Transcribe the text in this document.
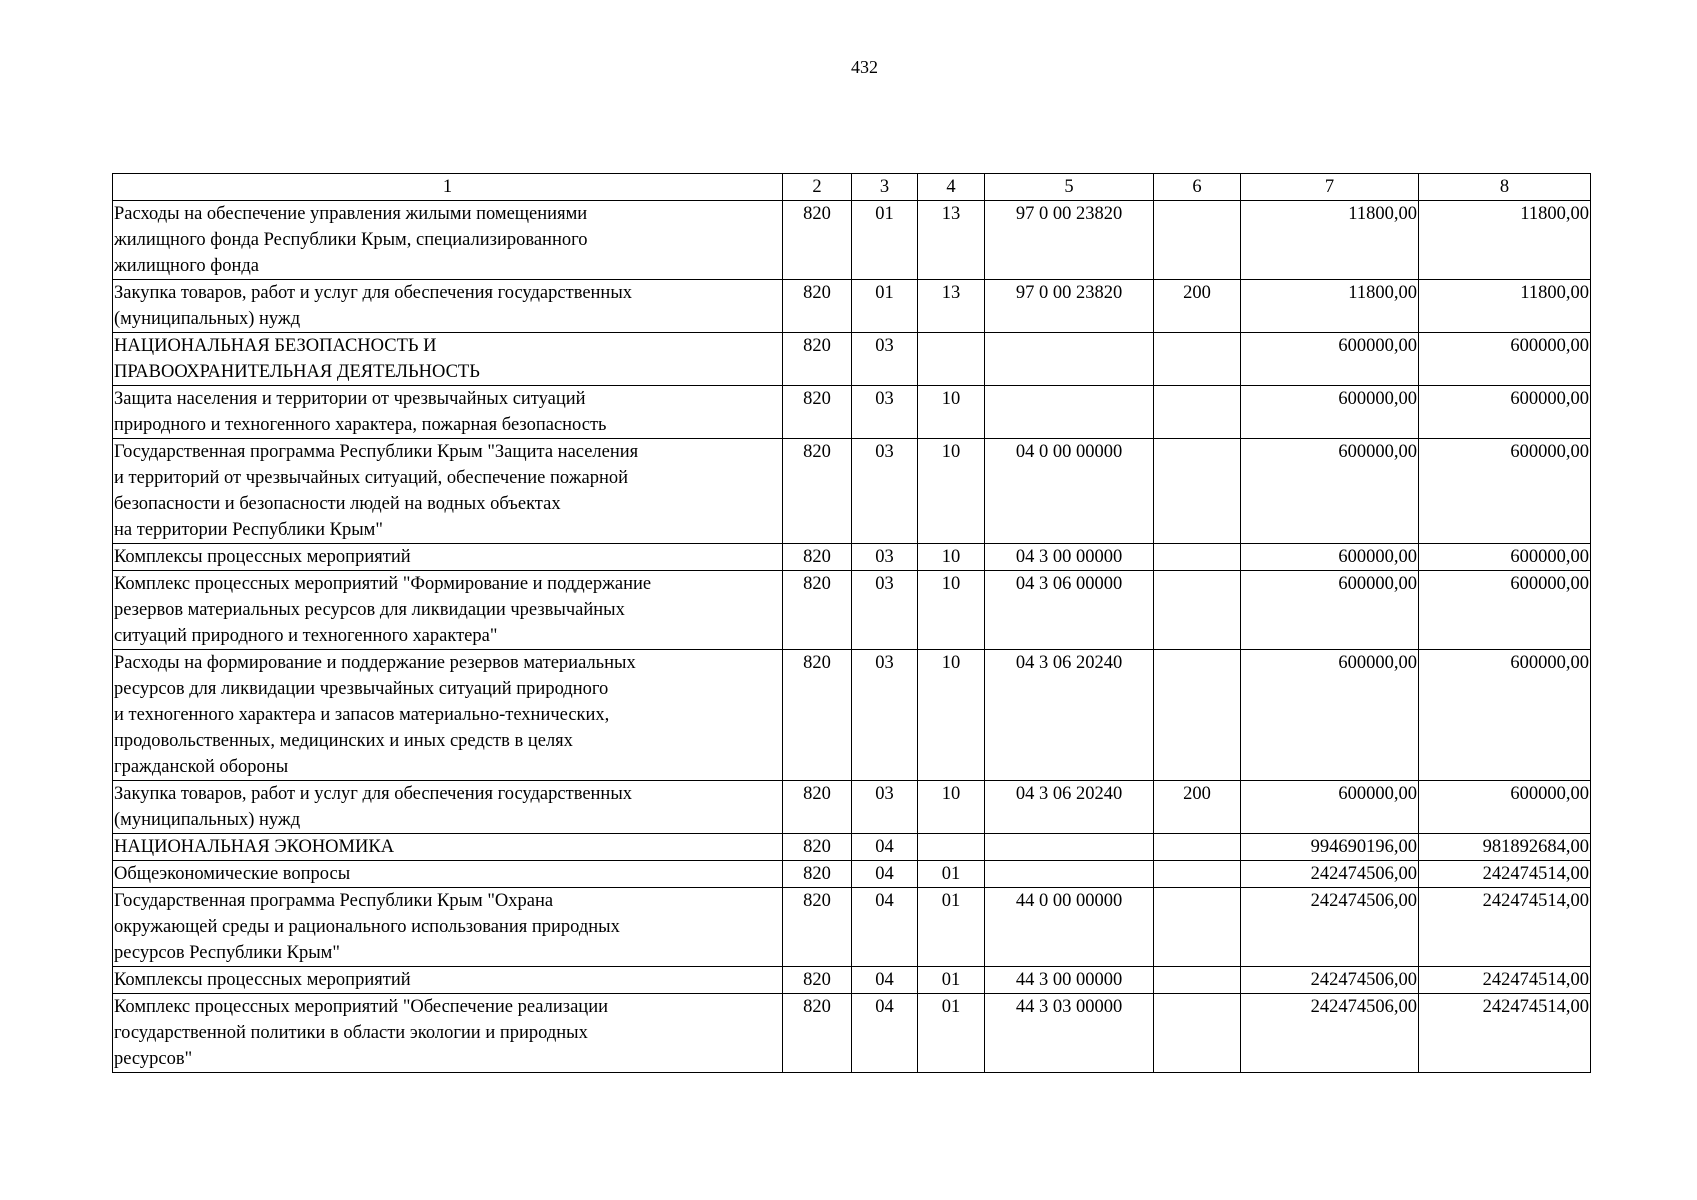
432
1	2	3	4	5	6	7	8
Расходы на обеспечение управления жилыми помещениями
жилищного фонда Республики Крым, специализированного
жилищного фонда	820	01	13	97 0 00 23820		11800,00	11800,00
Закупка товаров, работ и услуг для обеспечения государственных
(муниципальных) нужд	820	01	13	97 0 00 23820	200	11800,00	11800,00
НАЦИОНАЛЬНАЯ БЕЗОПАСНОСТЬ И
ПРАВООХРАНИТЕЛЬНАЯ ДЕЯТЕЛЬНОСТЬ	820	03				600000,00	600000,00
Защита населения и территории от чрезвычайных ситуаций
природного и техногенного характера, пожарная безопасность	820	03	10			600000,00	600000,00
Государственная программа Республики Крым "Защита населения
и территорий от чрезвычайных ситуаций, обеспечение пожарной
безопасности и безопасности людей на водных объектах
на территории Республики Крым"	820	03	10	04 0 00 00000		600000,00	600000,00
Комплексы процессных мероприятий	820	03	10	04 3 00 00000		600000,00	600000,00
Комплекс процессных мероприятий "Формирование и поддержание
резервов материальных ресурсов для ликвидации чрезвычайных
ситуаций природного и техногенного характера"	820	03	10	04 3 06 00000		600000,00	600000,00
Расходы на формирование и поддержание резервов материальных
ресурсов для ликвидации чрезвычайных ситуаций природного
и техногенного характера и запасов материально-технических,
продовольственных, медицинских и иных средств в целях
гражданской обороны	820	03	10	04 3 06 20240		600000,00	600000,00
Закупка товаров, работ и услуг для обеспечения государственных
(муниципальных) нужд	820	03	10	04 3 06 20240	200	600000,00	600000,00
НАЦИОНАЛЬНАЯ ЭКОНОМИКА	820	04				994690196,00	981892684,00
Общеэкономические вопросы	820	04	01			242474506,00	242474514,00
Государственная программа Республики Крым "Охрана
окружающей среды и рационального использования природных
ресурсов Республики Крым"	820	04	01	44 0 00 00000		242474506,00	242474514,00
Комплексы процессных мероприятий	820	04	01	44 3 00 00000		242474506,00	242474514,00
Комплекс процессных мероприятий "Обеспечение реализации
государственной политики в области экологии и природных
ресурсов"	820	04	01	44 3 03 00000		242474506,00	242474514,00
